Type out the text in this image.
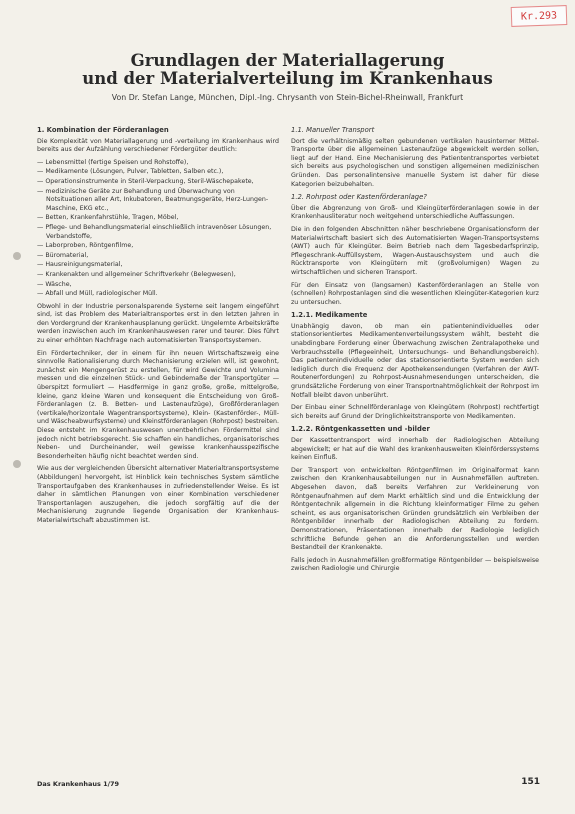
Kr.293
Grundlagen der Materiallagerung
und der Materialverteilung im Krankenhaus
Von Dr. Stefan Lange, München, Dipl.-Ing. Chrysanth von Stein-Bichel-Rheinwall, Frankfurt
1. Kombination der Förderanlagen

Die Komplexität von Materiallagerung und -verteilung im Krankenhaus wird bereits aus der Aufzählung verschiedener Fördergüter deutlich:

— Lebensmittel (fertige Speisen und Rohstoffe),
— Medikamente (Lösungen, Pulver, Tabletten, Salben etc.),
— Operationsinstrumente in Steril-Verpackung, Steril-Wäschepakete,
— medizinische Geräte zur Behandlung und Überwachung von Notsituationen aller Art, Inkubatoren, Beatmungsgeräte, Herz-Lungen-Maschine, EKG etc.,
— Betten, Krankenfahrstühle, Tragen, Möbel,
— Pflege- und Behandlungsmaterial einschließlich intravenöser Lösungen, Verbandstoffe,
— Laborproben, Röntgenfilme,
— Büromaterial,
— Hausreinigungsmaterial,
— Krankenakten und allgemeiner Schriftverkehr (Belegwesen),
— Wäsche,
— Abfall und Müll, radiologischer Müll.

Obwohl in der Industrie personalsparende Systeme seit langem eingeführt sind, ist das Problem des Materialtransportes erst in den letzten Jahren in den Vordergrund der Krankenhausplanung gerückt. Ungelernte Arbeitskräfte werden inzwischen auch im Krankenhauswesen rarer und teurer. Dies führt zu einer erhöhten Nachfrage nach automatisierten Transportsystemen.

Ein Fördertechniker, der in einem für ihn neuen Wirtschaftszweig eine sinnvolle Rationalisierung durch Mechanisierung erzielen will, ist gewohnt, zunächst ein Mengengerüst zu erstellen, für wird Gewichte und Volumina messen und die einzelnen Stück- und Gebindemaße der Transportgüter — überspitzt formuliert — Hasdfermige in ganz große, große, mittelgroße, kleine, ganz kleine Waren und konsequent die Entscheidung von Groß-Förderanlagen (z. B. Betten- und Lastenaufzüge), Großförderanlagen (vertikale/horizontale Wagentransportsysteme), Klein- (Kastenförder-, Müll- und Wäscheabwurfsysteme) und Kleinstförderanlagen (Rohrpost) bestreiten. Diese entsteht im Krankenhauswesen unentbehrlichen Fördermittel sind jedoch nicht betriebsgerecht. Sie schaffen ein handliches, organisatorisches Neben- und Durcheinander, weil gewisse krankenhausspezifische Besonderheiten häufig nicht beachtet werden sind.

Wie aus der vergleichenden Übersicht alternativer Materialtransportsysteme (Abbildungen) hervorgeht, ist Hinblick kein technisches System sämtliche Transportaufgaben des Krankenhauses in zufriedenstellender Weise. Es ist daher in sämtlichen Planungen von einer Kombination verschiedener Transportanlagen auszugehen, die jedoch sorgfältig auf die der Mechanisierung zugrunde liegende Organisation der Krankenhaus-Materialwirtschaft abzustimmen ist.

1.1. Manueller Transport

Dort die verhältnismäßig selten gebundenen vertikalen hausinterner Mittel-Transporte über die allgemeinen Lastenaufzüge abgewickelt werden sollen, liegt auf der Hand. Eine Mechanisierung des Patiententransportes verbietet sich bereits aus psychologischen und sonstigen allgemeinen medizinischen Gründen. Das personalintensive manuelle System ist daher für diese Kategorien beizubehalten.

1.2. Rohrpost oder Kastenförderanlage?

Über die Abgrenzung von Groß- und Kleingüterförderanlagen sowie in der Krankenhausliteratur noch weitgehend unterschiedliche Auffassungen.

Die in den folgenden Abschnitten näher beschriebene Organisationsform der Materialwirtschaft basiert sich des Automatisierten Wagen-Transportsystems (AWT) auch für Kleingüter. Beim Betrieb nach dem Tagesbedarfsprinzip, Pflegeschrank-Auffüllsystem, Wagen-Austauschsystem und auch die Rücktransporte von Kleingütern mit (großvolumigen) Wagen zu wirtschaftlichen und sicheren Transport.

Für den Einsatz von (langsamen) Kastenförderanlagen an Stelle von (schnellen) Rohrpostanlagen sind die wesentlichen Kleingüter-Kategorien kurz zu untersuchen.

1.2.1. Medikamente

Unabhängig davon, ob man ein patientenindividuelles oder stationsorientiertes Medikamentenverteilungssystem wählt, besteht die unabdingbare Forderung einer Überwachung zwischen Zentralapotheke und Verbrauchsstelle (Pflegeeinheit, Untersuchungs- und Behandlungsbereich). Das patientenindividuelle oder das stationsorientierte System werden sich lediglich durch die Frequenz der Apothekensendungen (Verfahren der AWT-Routenerfordungen) zu Rohrpost-Ausnahmesendungen unterscheiden, die grundsätzliche Forderung von einer Transportnahtmöglichkeit der Rohrpost im Notfall bleibt davon unberührt.

Der Einbau einer Schnellförderanlage von Kleingütern (Rohrpost) rechtfertigt sich bereits auf Grund der Dringlichkeitstransporte von Medikamenten.

1.2.2. Röntgenkassetten und -bilder

Der Kassettentransport wird innerhalb der Radiologischen Abteilung abgewickelt; er hat auf die Wahl des krankenhausweiten Kleinförderssystems keinen Einfluß.

Der Transport von entwickelten Röntgenfilmen im Originalformat kann zwischen den Krankenhausabteilungen nur in Ausnahmefällen auftreten. Abgesehen davon, daß bereits Verfahren zur Verkleinerung von Röntgenaufnahmen auf dem Markt erhältlich sind und die Entwicklung der Röntgentechnik allgemein in die Richtung kleinformatiger Filme zu gehen scheint, es aus organisatorischen Gründen grundsätzlich ein Verbleiben der Röntgenbilder innerhalb der Radiologischen Abteilung zu fordern. Demonstrationen, Präsentationen innerhalb der Radiologie lediglich schriftliche Befunde gehen an die Anforderungsstellen und werden Bestandteil der Krankenakte.

Falls jedoch in Ausnahmefällen großformatige Röntgenbilder — beispielsweise zwischen Radiologie und Chirurgie

Das Krankenhaus 1/79	151
